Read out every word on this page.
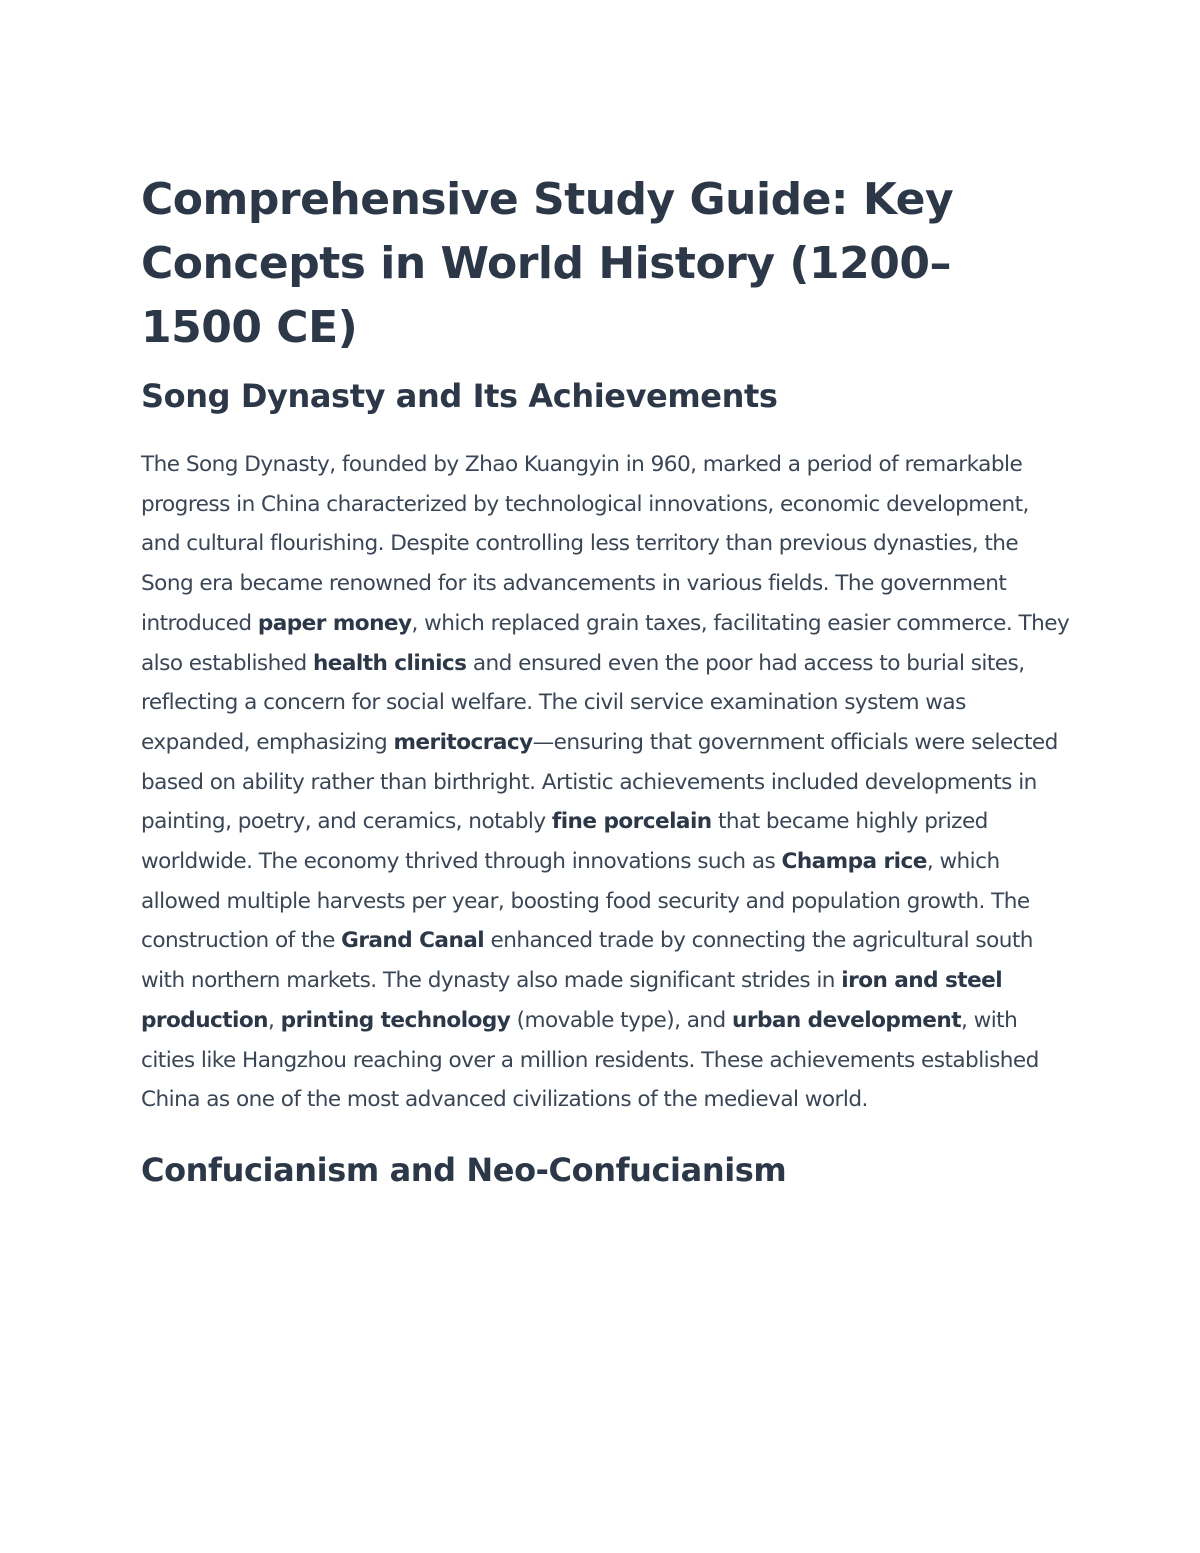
Comprehensive Study Guide: Key Concepts in World History (1200–1500 CE)
Song Dynasty and Its Achievements

The Song Dynasty, founded by Zhao Kuangyin in 960, marked a period of remarkable progress in China characterized by technological innovations, economic development, and cultural flourishing. Despite controlling less territory than previous dynasties, the Song era became renowned for its advancements in various fields. The government introduced paper money, which replaced grain taxes, facilitating easier commerce. They also established health clinics and ensured even the poor had access to burial sites, reflecting a concern for social welfare. The civil service examination system was expanded, emphasizing meritocracy—ensuring that government officials were selected based on ability rather than birthright. Artistic achievements included developments in painting, poetry, and ceramics, notably fine porcelain that became highly prized worldwide. The economy thrived through innovations such as Champa rice, which allowed multiple harvests per year, boosting food security and population growth. The construction of the Grand Canal enhanced trade by connecting the agricultural south with northern markets. The dynasty also made significant strides in iron and steel production, printing technology (movable type), and urban development, with cities like Hangzhou reaching over a million residents. These achievements established China as one of the most advanced civilizations of the medieval world.

Confucianism and Neo-Confucianism
